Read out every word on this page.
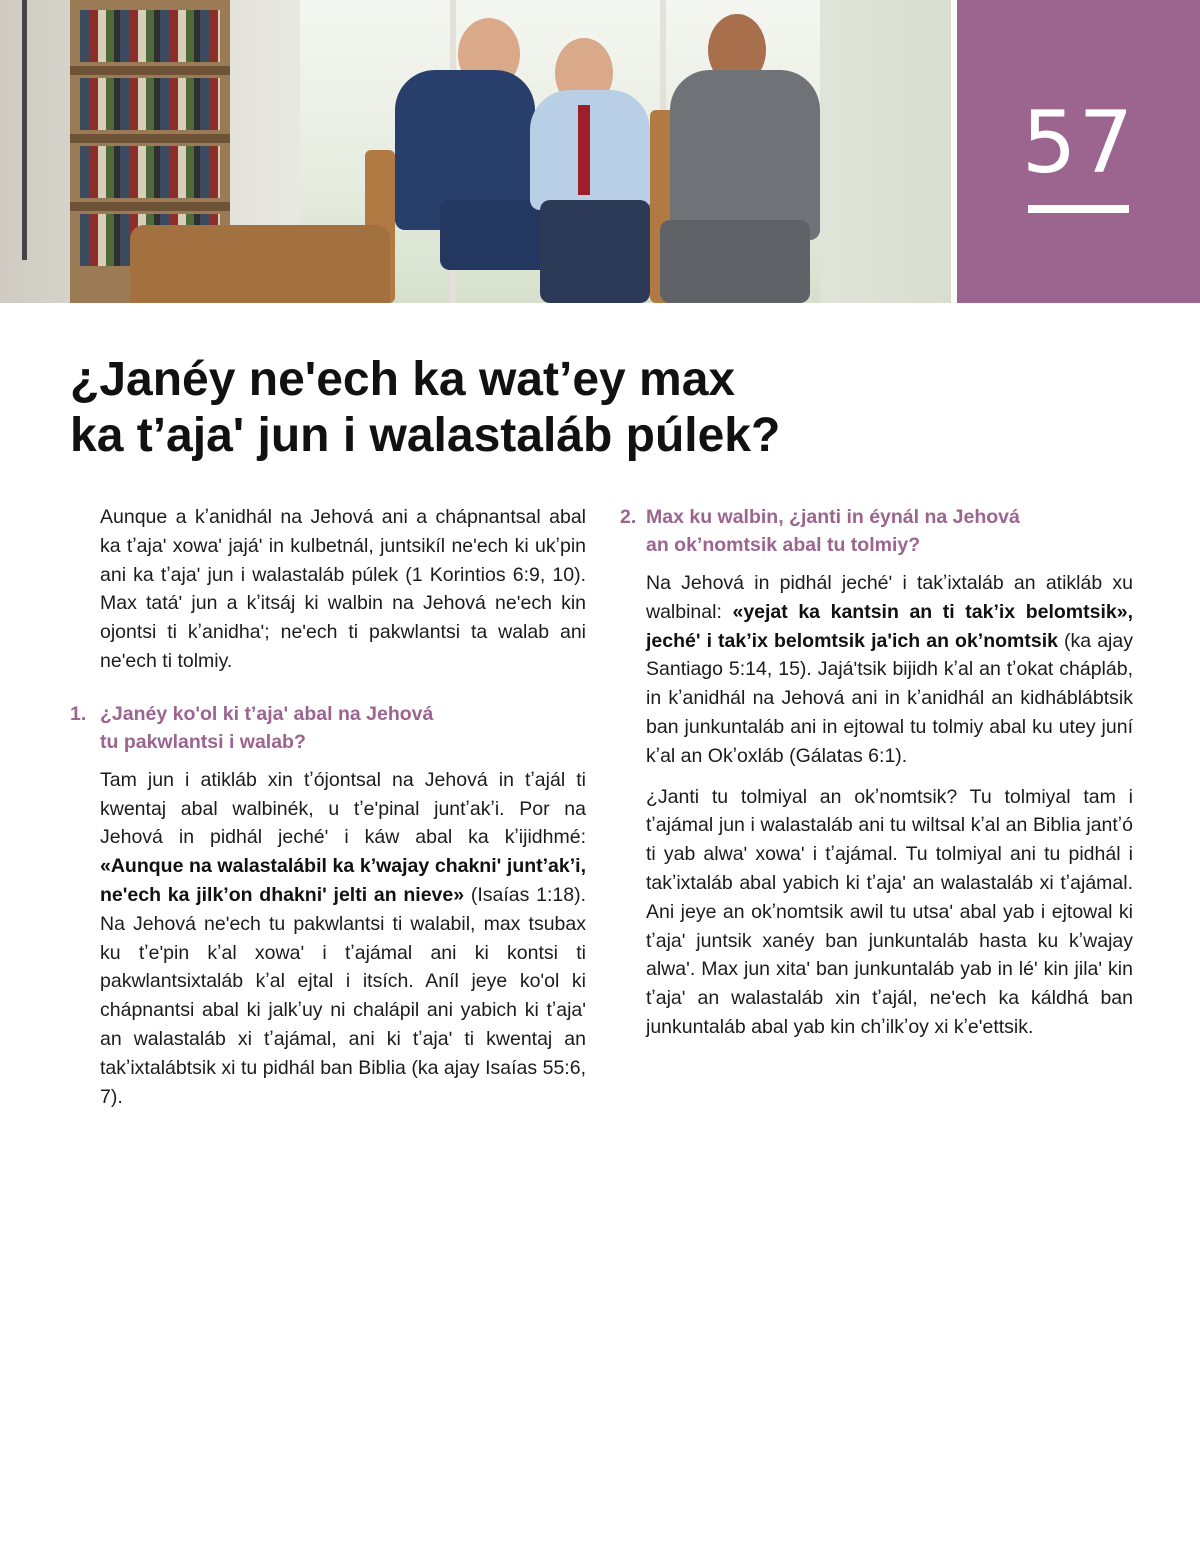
57
¿Janéy neʹech ka watʼey max
ka tʼajaʹ jun i walastaláb púlek?

Aunque a kʼanidhál na Jehová ani a chápnantsal abal ka tʼajaʹ xowaʹ jajáʹ in kulbetnál, juntsikíl neʹech ki ukʼpin ani ka tʼajaʹ jun i walastaláb púlek (1 Korintios 6:9, 10). Max tatáʹ jun a kʼitsáj ki walbin na Jehová neʹech kin ojontsi ti kʼanidhaʹ; neʹech ti pakwlantsi ta walab ani neʹech ti tolmiy.

1. ¿Janéy koʹol ki tʼajaʹ abal na Jehová
tu pakwlantsi i walab?

Tam jun i atikláb xin tʼójontsal na Jehová in tʼajál ti kwentaj abal walbinék, u tʼeʹpinal juntʼakʼi. Por na Jehová in pidhál jechéʹ i káw abal ka kʼijidhmé: «Aunque na walastalábil ka kʼwajay chakniʹ juntʼakʼi, neʹech ka jilkʼon dhakniʹ jelti an nieve» (Isaías 1:18). Na Jehová neʹech tu pakwlantsi ti walabil, max tsubax ku tʼeʹpin kʼal xowaʹ i tʼajámal ani ki kontsi ti pakwlantsixtaláb kʼal ejtal i itsích. Aníl jeye koʹol ki chápnantsi abal ki jalkʼuy ni chalápil ani yabich ki tʼajaʹ an walastaláb xi tʼajámal, ani ki tʼajaʹ ti kwentaj an takʼixtalábtsik xi tu pidhál ban Biblia (ka ajay Isaías 55:6, 7).

2. Max ku walbin, ¿janti in éynál na Jehová
an okʼnomtsik abal tu tolmiy?

Na Jehová in pidhál jechéʹ i takʼixtaláb an atikláb xu walbinal: «yejat ka kantsin an ti takʼix belomtsik», jechéʹ i takʼix belomtsik jaʹich an okʼnomtsik (ka ajay Santiago 5:14, 15). Jajáʹtsik bijidh kʼal an tʼokat chápláb, in kʼanidhál na Jehová ani in kʼanidhál an kidháblábtsik ban junkuntaláb ani in ejtowal tu tolmiy abal ku utey juní kʼal an Okʼoxláb (Gálatas 6:1).

¿Janti tu tolmiyal an okʼnomtsik? Tu tolmiyal tam i tʼajámal jun i walastaláb ani tu wiltsal kʼal an Biblia jantʼó ti yab alwaʹ xowaʹ i tʼajámal. Tu tolmiyal ani tu pidhál i takʼixtaláb abal yabich ki tʼajaʹ an walastaláb xi tʼajámal. Ani jeye an okʼnomtsik awil tu utsaʹ abal yab i ejtowal ki tʼajaʹ juntsik xanéy ban junkuntaláb hasta ku kʼwajay alwaʹ. Max jun xitaʹ ban junkuntaláb yab in léʹ kin jilaʹ kin tʼajaʹ an walastaláb xin tʼajál, neʹech ka káldhá ban junkuntaláb abal yab kin chʼilkʼoy xi kʼeʹettsik.
